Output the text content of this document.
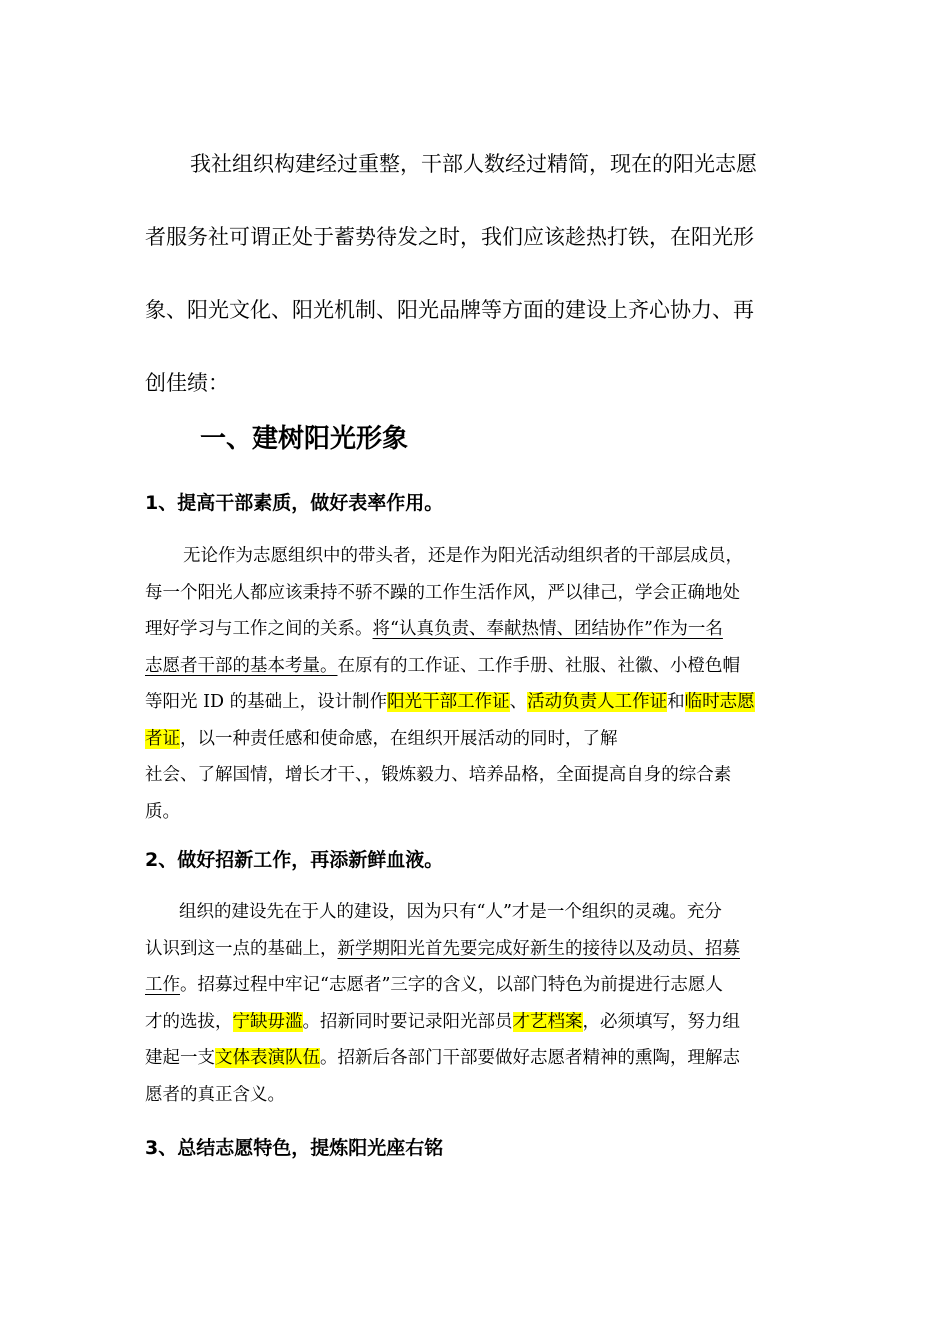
我社组织构建经过重整，干部人数经过精简，现在的阳光志愿
者服务社可谓正处于蓄势待发之时，我们应该趁热打铁，在阳光形
象、阳光文化、阳光机制、阳光品牌等方面的建设上齐心协力、再
创佳绩：
一、建树阳光形象
1、提高干部素质，做好表率作用。
无论作为志愿组织中的带头者，还是作为阳光活动组织者的干部层成员，
每一个阳光人都应该秉持不骄不躁的工作生活作风，严以律己，学会正确地处
理好学习与工作之间的关系。将“认真负责、奉献热情、团结协作”作为一名
志愿者干部的基本考量。在原有的工作证、工作手册、社服、社徽、小橙色帽
等阳光 ID 的基础上，设计制作阳光干部工作证、活动负责人工作证和临时志愿
者证，以一种责任感和使命感，在组织开展活动的同时，了解
社会、了解国情，增长才干、，锻炼毅力、培养品格，全面提高自身的综合素
质。
2、做好招新工作，再添新鲜血液。
组织的建设先在于人的建设，因为只有“人”才是一个组织的灵魂。充分
认识到这一点的基础上，新学期阳光首先要完成好新生的接待以及动员、招募
工作。招募过程中牢记“志愿者”三字的含义，以部门特色为前提进行志愿人
才的选拔，宁缺毋滥。招新同时要记录阳光部员才艺档案，必须填写，努力组
建起一支文体表演队伍。招新后各部门干部要做好志愿者精神的熏陶，理解志
愿者的真正含义。
3、总结志愿特色，提炼阳光座右铭
